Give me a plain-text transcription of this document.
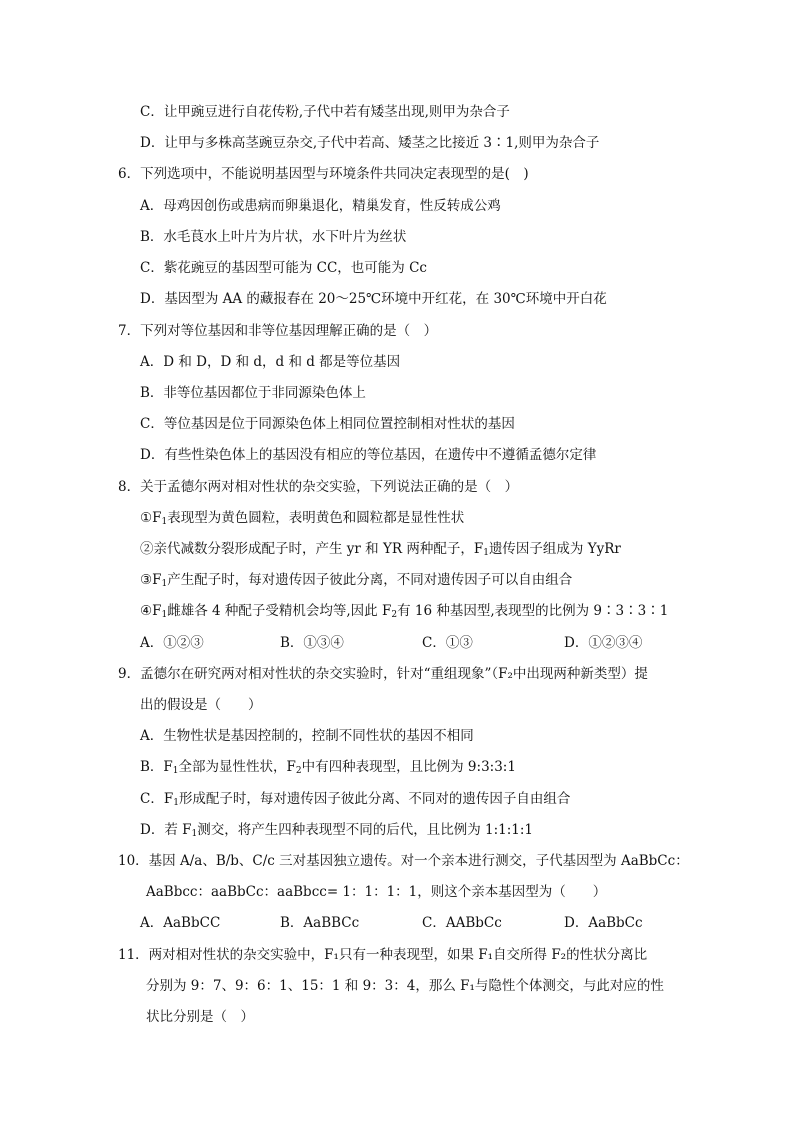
C．让甲豌豆进行自花传粉,子代中若有矮茎出现,则甲为杂合子
D．让甲与多株高茎豌豆杂交,子代中若高、矮茎之比接近 3∶1,则甲为杂合子
6．下列选项中，不能说明基因型与环境条件共同决定表现型的是(　)
A．母鸡因创伤或患病而卵巢退化，精巢发育，性反转成公鸡
B．水毛茛水上叶片为片状，水下叶片为丝状
C．紫花豌豆的基因型可能为 CC，也可能为 Cc
D．基因型为 AA 的藏报春在 20～25℃环境中开红花，在 30℃环境中开白花
7．下列对等位基因和非等位基因理解正确的是（　）
A．D 和 D，D 和 d，d 和 d 都是等位基因
B．非等位基因都位于非同源染色体上
C．等位基因是位于同源染色体上相同位置控制相对性状的基因
D．有些性染色体上的基因没有相应的等位基因，在遗传中不遵循孟德尔定律
8．关于孟德尔两对相对性状的杂交实验，下列说法正确的是（　）
$①F_1$表现型为黄色圆粒，表明黄色和圆粒都是显性性状
②亲代减数分裂形成配子时，产生 yr 和 YR 两种配子，$F_1$遗传因子组成为 YyRr
$③F_1$产生配子时，每对遗传因子彼此分离，不同对遗传因子可以自由组合
$④F_1$雌雄各 4 种配子受精机会均等,因此 $F_2$有 16 种基因型,表现型的比例为 9∶3∶3∶1
A．①②③	B．①③④	C．①③	D．①②③④
9．孟德尔在研究两对相对性状的杂交实验时，针对“重组现象”（F₂中出现两种新类型）提
出的假设是（　　）
A．生物性状是基因控制的，控制不同性状的基因不相同
B．$F_1$全部为显性性状，$F_2$中有四种表现型，且比例为 9:3:3:1
C．$F_1$形成配子时，每对遗传因子彼此分离、不同对的遗传因子自由组合
D．若 $F_1$测交，将产生四种表现型不同的后代，且比例为 1:1:1:1
10．基因 A/a、B/b、C/c 三对基因独立遗传。对一个亲本进行测交，子代基因型为 AaBbCc：
AaBbcc：aaBbCc：aaBbcc= 1：1：1：1，则这个亲本基因型为（　　）
A．AaBbCC	B．AaBBCc	C．AABbCc	D．AaBbCc
11．两对相对性状的杂交实验中，F₁只有一种表现型，如果 F₁自交所得 F₂的性状分离比
分别为 9：7、9：6：1、15：1 和 9：3：4，那么 F₁与隐性个体测交，与此对应的性
状比分别是（　）
